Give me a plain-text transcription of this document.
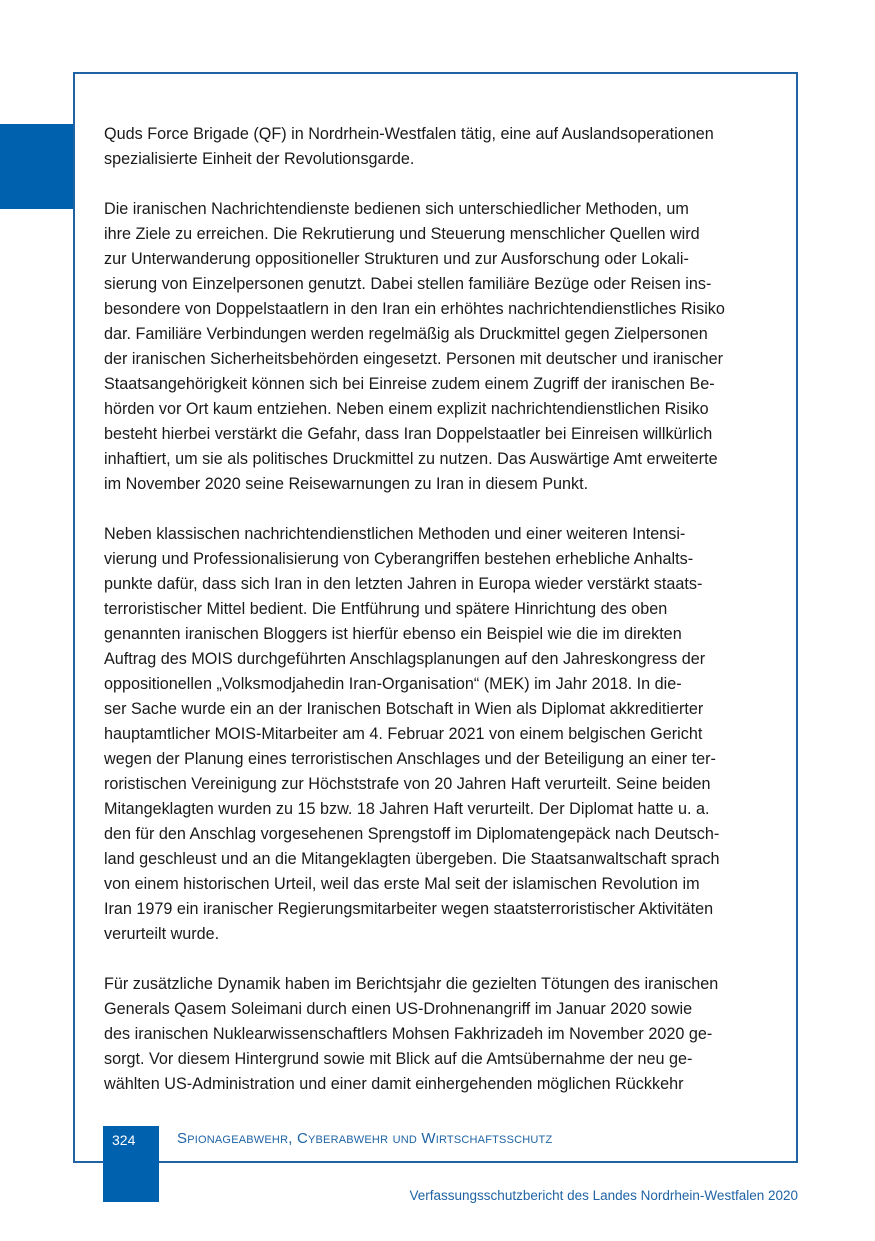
Quds Force Brigade (QF) in Nordrhein-Westfalen tätig, eine auf Auslandsoperationen
spezialisierte Einheit der Revolutionsgarde.

Die iranischen Nachrichtendienste bedienen sich unterschiedlicher Methoden, um
ihre Ziele zu erreichen. Die Rekrutierung und Steuerung menschlicher Quellen wird
zur Unterwanderung oppositioneller Strukturen und zur Ausforschung oder Lokali-
sierung von Einzelpersonen genutzt. Dabei stellen familiäre Bezüge oder Reisen ins-
besondere von Doppelstaatlern in den Iran ein erhöhtes nachrichtendienstliches Risiko
dar. Familiäre Verbindungen werden regelmäßig als Druckmittel gegen Zielpersonen
der iranischen Sicherheitsbehörden eingesetzt. Personen mit deutscher und iranischer
Staatsangehörigkeit können sich bei Einreise zudem einem Zugriff der iranischen Be-
hörden vor Ort kaum entziehen. Neben einem explizit nachrichtendienstlichen Risiko
besteht hierbei verstärkt die Gefahr, dass Iran Doppelstaatler bei Einreisen willkürlich
inhaftiert, um sie als politisches Druckmittel zu nutzen. Das Auswärtige Amt erweiterte
im November 2020 seine Reisewarnungen zu Iran in diesem Punkt.

Neben klassischen nachrichtendienstlichen Methoden und einer weiteren Intensi-
vierung und Professionalisierung von Cyberangriffen bestehen erhebliche Anhalts-
punkte dafür, dass sich Iran in den letzten Jahren in Europa wieder verstärkt staats-
terroristischer Mittel bedient. Die Entführung und spätere Hinrichtung des oben
genannten iranischen Bloggers ist hierfür ebenso ein Beispiel wie die im direkten
Auftrag des MOIS durchgeführten Anschlagsplanungen auf den Jahreskongress der
oppositionellen „Volksmodjahedin Iran-Organisation“ (MEK) im Jahr 2018. In die-
ser Sache wurde ein an der Iranischen Botschaft in Wien als Diplomat akkreditierter
hauptamtlicher MOIS-Mitarbeiter am 4. Februar 2021 von einem belgischen Gericht
wegen der Planung eines terroristischen Anschlages und der Beteiligung an einer ter-
roristischen Vereinigung zur Höchststrafe von 20 Jahren Haft verurteilt. Seine beiden
Mitangeklagten wurden zu 15 bzw. 18 Jahren Haft verurteilt. Der Diplomat hatte u. a.
den für den Anschlag vorgesehenen Sprengstoff im Diplomatengepäck nach Deutsch-
land geschleust und an die Mitangeklagten übergeben. Die Staatsanwaltschaft sprach
von einem historischen Urteil, weil das erste Mal seit der islamischen Revolution im
Iran 1979 ein iranischer Regierungsmitarbeiter wegen staatsterroristischer Aktivitäten
verurteilt wurde.

Für zusätzliche Dynamik haben im Berichtsjahr die gezielten Tötungen des iranischen
Generals Qasem Soleimani durch einen US-Drohnenangriff im Januar 2020 sowie
des iranischen Nuklearwissenschaftlers Mohsen Fakhrizadeh im November 2020 ge-
sorgt. Vor diesem Hintergrund sowie mit Blick auf die Amtsübernahme der neu ge-
wählten US-Administration und einer damit einhergehenden möglichen Rückkehr

324	Spionageabwehr, Cyberabwehr und Wirtschaftsschutz
Verfassungsschutzbericht des Landes Nordrhein-Westfalen 2020
